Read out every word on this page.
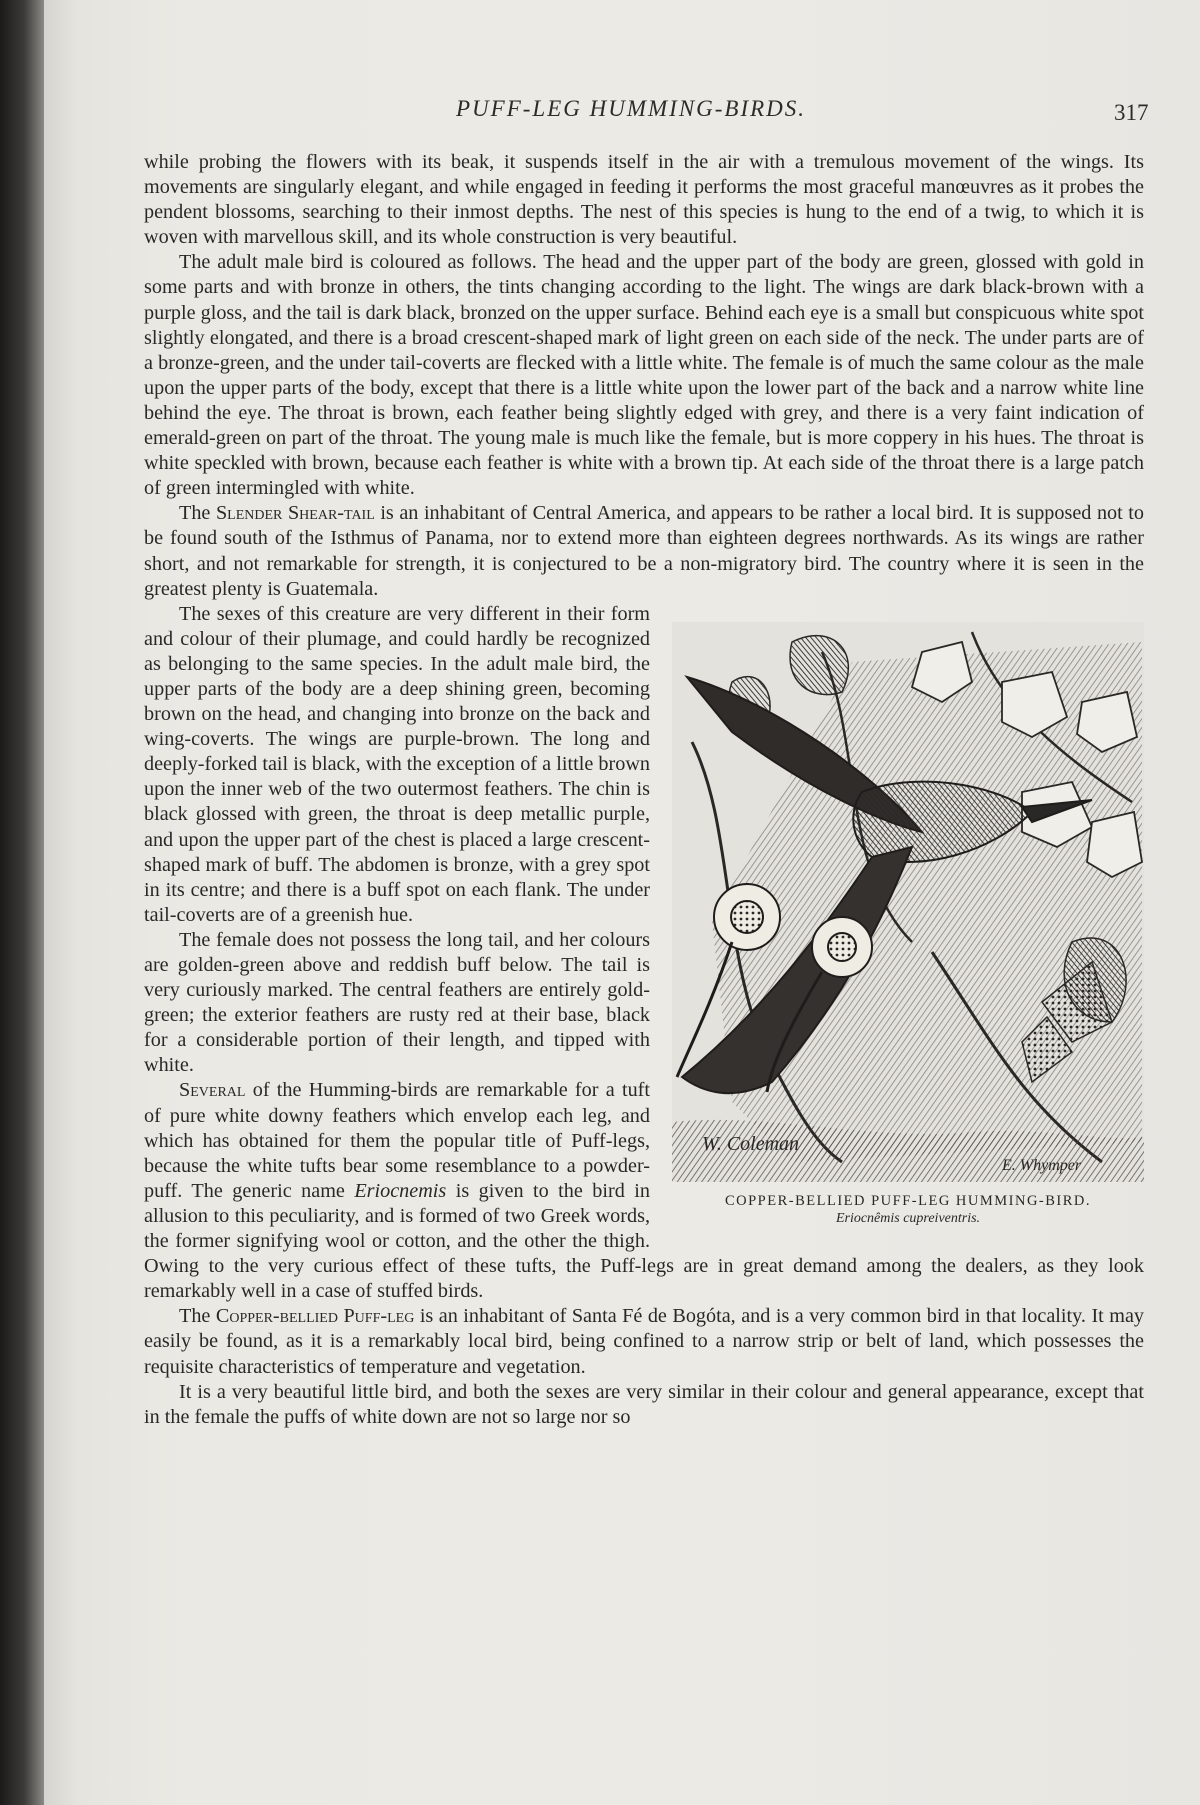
PUFF-LEG HUMMING-BIRDS.	317

while probing the flowers with its beak, it suspends itself in the air with a tremulous movement of the wings. Its movements are singularly elegant, and while engaged in feeding it performs the most graceful manœuvres as it probes the pendent blossoms, searching to their inmost depths. The nest of this species is hung to the end of a twig, to which it is woven with marvellous skill, and its whole construction is very beautiful.

The adult male bird is coloured as follows. The head and the upper part of the body are green, glossed with gold in some parts and with bronze in others, the tints changing according to the light. The wings are dark black-brown with a purple gloss, and the tail is dark black, bronzed on the upper surface. Behind each eye is a small but conspicuous white spot slightly elongated, and there is a broad crescent-shaped mark of light green on each side of the neck. The under parts are of a bronze-green, and the under tail-coverts are flecked with a little white. The female is of much the same colour as the male upon the upper parts of the body, except that there is a little white upon the lower part of the back and a narrow white line behind the eye. The throat is brown, each feather being slightly edged with grey, and there is a very faint indication of emerald-green on part of the throat. The young male is much like the female, but is more coppery in his hues. The throat is white speckled with brown, because each feather is white with a brown tip. At each side of the throat there is a large patch of green intermingled with white.

The Slender Shear-tail is an inhabitant of Central America, and appears to be rather a local bird. It is supposed not to be found south of the Isthmus of Panama, nor to extend more than eighteen degrees northwards. As its wings are rather short, and not remarkable for strength, it is conjectured to be a non-migratory bird. The country where it is seen in the greatest plenty is Guatemala.

W. Coleman
E. Whymper
COPPER-BELLIED PUFF-LEG HUMMING-BIRD.
Eriocnêmis cupreiventris.

The sexes of this creature are very different in their form and colour of their plumage, and could hardly be recognized as belonging to the same species. In the adult male bird, the upper parts of the body are a deep shining green, becoming brown on the head, and changing into bronze on the back and wing-coverts. The wings are purple-brown. The long and deeply-forked tail is black, with the exception of a little brown upon the inner web of the two outermost feathers. The chin is black glossed with green, the throat is deep metallic purple, and upon the upper part of the chest is placed a large crescent-shaped mark of buff. The abdomen is bronze, with a grey spot in its centre; and there is a buff spot on each flank. The under tail-coverts are of a greenish hue.

The female does not possess the long tail, and her colours are golden-green above and reddish buff below. The tail is very curiously marked. The central feathers are entirely gold-green; the exterior feathers are rusty red at their base, black for a considerable portion of their length, and tipped with white.

Several of the Humming-birds are remarkable for a tuft of pure white downy feathers which envelop each leg, and which has obtained for them the popular title of Puff-legs, because the white tufts bear some resemblance to a powder-puff. The generic name Eriocnemis is given to the bird in allusion to this peculiarity, and is formed of two Greek words, the former signifying wool or cotton, and the other the thigh. Owing to the very curious effect of these tufts, the Puff-legs are in great demand among the dealers, as they look remarkably well in a case of stuffed birds.

The Copper-bellied Puff-leg is an inhabitant of Santa Fé de Bogóta, and is a very common bird in that locality. It may easily be found, as it is a remarkably local bird, being confined to a narrow strip or belt of land, which possesses the requisite characteristics of temperature and vegetation.

It is a very beautiful little bird, and both the sexes are very similar in their colour and general appearance, except that in the female the puffs of white down are not so large nor so
